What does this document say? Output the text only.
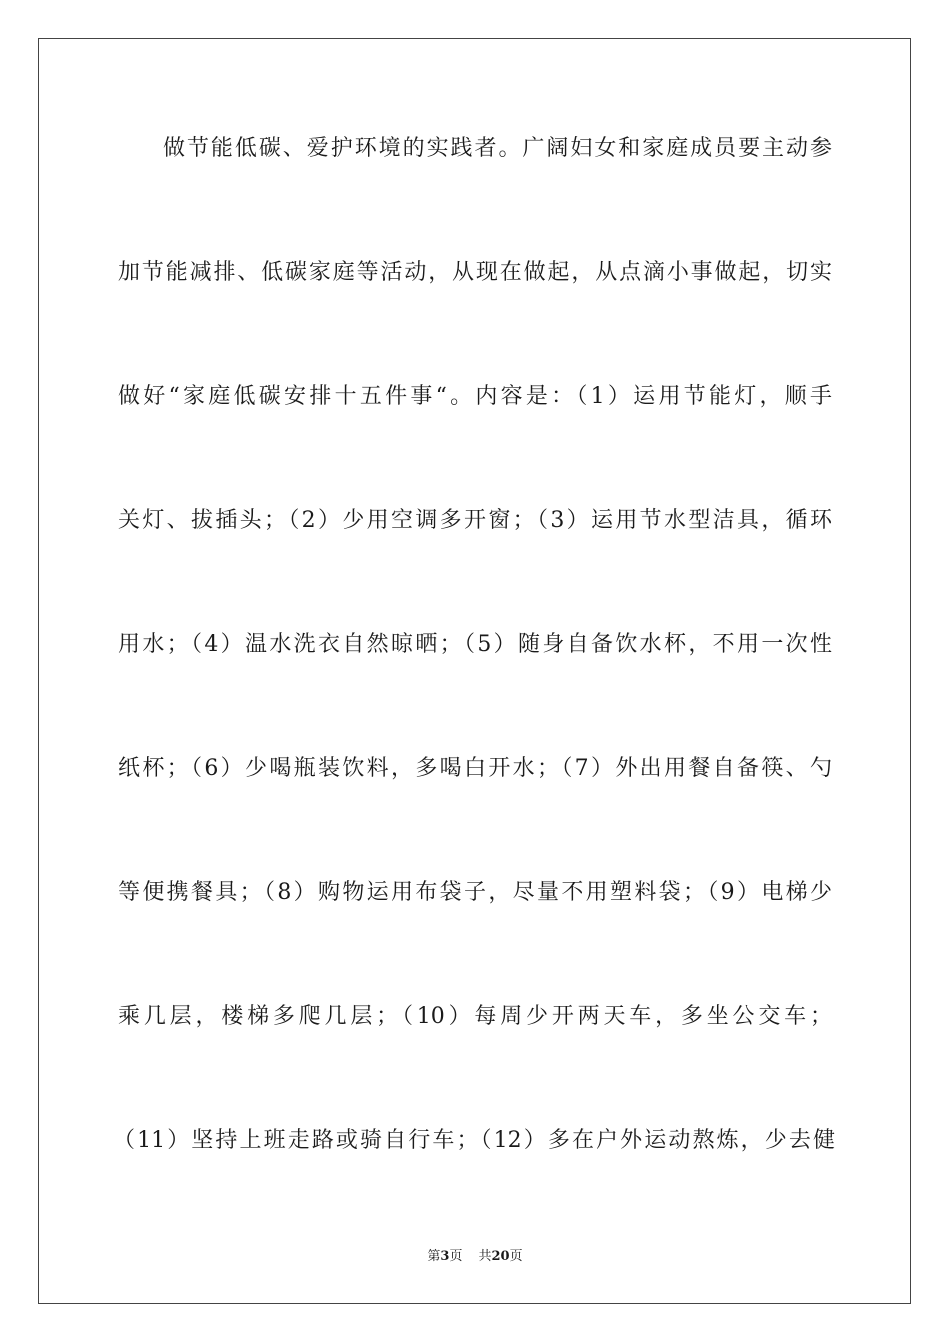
做节能低碳、爱护环境的实践者。广阔妇女和家庭成员要主动参
加节能减排、低碳家庭等活动，从现在做起，从点滴小事做起，切实
做好“家庭低碳安排十五件事“。内容是：（1）运用节能灯，顺手
关灯、拔插头；（2）少用空调多开窗；（3）运用节水型洁具，循环
用水；（4）温水洗衣自然晾晒；（5）随身自备饮水杯，不用一次性
纸杯；（6）少喝瓶装饮料，多喝白开水；（7）外出用餐自备筷、勺
等便携餐具；（8）购物运用布袋子，尽量不用塑料袋；（9）电梯少
乘几层，楼梯多爬几层；（10）每周少开两天车，多坐公交车；
（11）坚持上班走路或骑自行车；（12）多在户外运动熬炼，少去健
第3页 共20页
